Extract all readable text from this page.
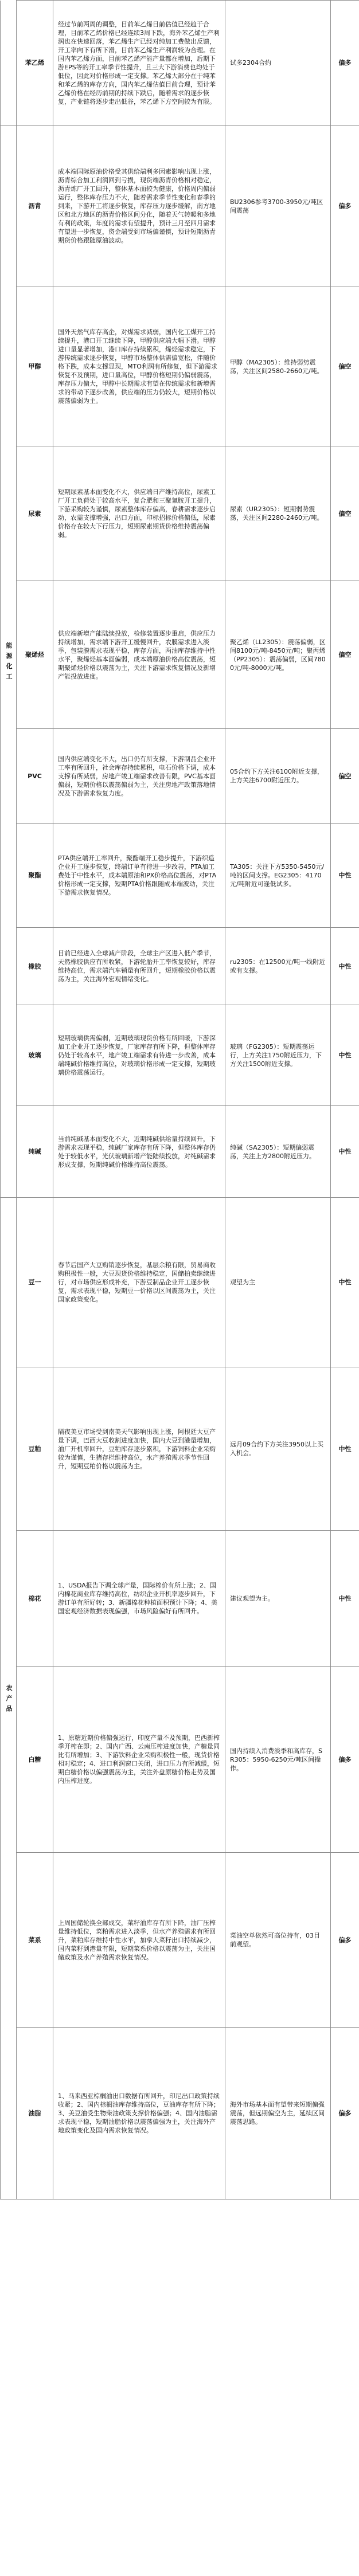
	苯乙烯	经过节前两周的调整，目前苯乙烯目前估值已经趋于合理，目前苯乙烯价格已经连续3周下跌，海外苯乙烯生产利润也在快速回落，苯乙烯生产已经对纯加工费做出反馈，开工率向下有所下滑，目前苯乙烯生产利润较为合理。在国内苯乙烯方面，目前苯乙烯产能产量都在增加，后期下游EPS等的开工率季节性提升，且三大下游消费也均处于低位，因此对价格形成一定支撑。苯乙烯大部分在于纯苯和苯乙烯的库存方向，国内苯乙烯估值目前合理，预计苯乙烯价格在经历前期的持续下跌后，随着需求的逐步恢复，产业链将逐步走出低谷，苯乙烯下方空间较为有限。	试多2304合约	偏多
能源化工	沥青	成本端国际原油价格受其供给端利多因素影响出现上涨，沥青综合加工利润回到亏损，现货端沥青价格相对稳定，沥青炼厂开工回升，整体基本面较为健康，价格周内偏弱运行，整体库存压力不大，随着需求季节性变化和春季的到来，下游开工将逐步恢复，库存压力逐步缓解，南方地区和北方地区的沥青价格区间分化，随着天气转暖和多地有利的政策，年度的需求有望提升，预计三月至四月需求有望进一步恢复，资金端受到市场偏谨慎，预计短期沥青期货价格跟随原油波动。	BU2306参考3700-3950元/吨区间震荡	偏多
	甲醇	国外天然气库存高企，对煤需求减弱，国内化工煤开工持续提升，港口开工继续下降，甲醇供应端大幅下滑。甲醇进口量显著增加，港口库存持续累积，烯烃需求稳定，下游传统需求逐步恢复，甲醇市场整体供需偏宽松，伴随价格下跌，成本支撑显现，MTO利润有所修复，但下游需求恢复不及预期，进口量高位，甲醇价格短期仍偏弱震荡，库存压力偏大，甲醇中长期需求有望在传统需求和新增需求的带动下逐步改善，供应端的压力仍较大，短期价格以震荡偏弱为主。	甲醇（MA2305）：维持弱势震荡，关注区间2580-2660元/吨。	偏空
	尿素	短期尿素基本面变化不大，供应端日产维持高位，尿素工厂开工负荷处于较高水平，复合肥和三聚氰胺开工提升，下游采购较为谨慎，尿素整体库存偏高，春耕需求逐步启动，农需支撑增强，出口方面，印标招标价格偏低，尿素价格存在较大下行压力，短期尿素期货价格维持震荡偏弱。	尿素（UR2305）：短期弱势震荡，关注区间2280-2460元/吨。	偏空
	聚烯烃	供应端新增产能陆续投放，检修装置逐步重启，供应压力持续增加，需求端下游开工缓慢回升，农膜需求进入淡季，包装膜需求表现平稳，库存方面，两油库存维持中性水平，聚烯烃基本面偏弱，成本端原油价格高位震荡，短期聚烯烃价格以震荡为主，关注下游需求恢复情况及新增产能投放进度。	聚乙烯（LL2305）：震荡偏弱，区间8100元/吨-8450元/吨；聚丙烯（PP2305）：震荡偏弱，区间7800元/吨-8000元/吨。	偏空
	PVC	国内供应端变化不大，出口仍有所支撑，下游制品企业开工率有所回升，社会库存持续累积，电石价格下调，成本支撑有所减弱，房地产竣工端需求改善有限，PVC基本面偏弱，短期价格以震荡偏弱为主，关注房地产政策落地情况及下游需求恢复力度。	05合约下方关注6100附近支撑，上方关注6700附近压力。	偏空
	聚酯	PTA供应端开工率回升，聚酯端开工稳步提升，下游织造企业开工逐步恢复，终端订单有待进一步改善，PTA加工费处于中性水平，成本端原油和PX价格高位震荡，对PTA价格形成一定支撑，短期PTA价格跟随成本端波动，关注下游需求恢复情况。	TA305：关注下方5350-5450元/吨的区间支撑。EG2305：4170元/吨附近可逢低试多。	中性
	橡胶	目前已经进入全球减产阶段，全球主产区进入低产季节，天然橡胶供应有所收紧，下游轮胎开工率恢复较好，库存维持高位，需求端汽车销量有所回升，短期橡胶价格以震荡为主，关注海外宏观情绪变化。	ru2305：在12500元/吨一线附近或有支撑。	中性
	玻璃	短期玻璃供需偏弱，近期玻璃现货价格有所回暖，下游深加工企业开工逐步恢复，厂家库存有所下降，但整体库存仍处于较高水平，地产竣工端需求有待进一步改善，成本端纯碱价格维持高位，对玻璃价格形成一定支撑，短期玻璃价格震荡运行。	玻璃（FG2305）：短期震荡运行，上方关注1750附近压力，下方关注1500附近支撑。	中性
	纯碱	当前纯碱基本面变化不大，近期纯碱供给量持续回升，下游需求表现平稳，纯碱厂家库存有所下降，但整体库存仍处于较低水平，光伏玻璃新增产能陆续投放，对纯碱需求形成支撑，短期纯碱价格维持高位震荡。	纯碱（SA2305）：短期偏弱震荡，关注上方2800附近压力。	中性
农产品	豆一	春节后国产大豆购销逐步恢复，基层余粮有限，贸易商收购积极性一般，大豆现货价格维持稳定，国储拍卖继续进行，对市场供应形成补充，下游豆制品企业开工逐步恢复，需求表现平稳，短期豆一价格以区间震荡为主，关注国家政策变化。	观望为主	中性
	豆粕	隔夜美豆市场受到南美天气影响出现上涨，阿根廷大豆产量下调，巴西大豆收割进度加快，国内大豆到港量增加，油厂开机率回升，豆粕库存逐步累积，下游饲料企业采购较为谨慎，生猪存栏维持高位，水产养殖需求季节性回升，短期豆粕价格以震荡为主。	远月09合约下方关注3950以上买入机会。	中性
	棉花	1、USDA报告下调全球产量，国际棉价有所上涨；2、国内棉花商业库存维持高位，纺织企业开机率逐步回升，下游订单有所好转；3、新疆棉花种植面积预计下降；4、美国宏观经济数据表现偏强，市场风险偏好有所回升。	建议观望为主。	中性
	白糖	1、原糖近期价格偏强运行，印度产量不及预期，巴西新榨季开榨在即；2、国内广西、云南压榨进度加快，产糖量同比有所增加；3、下游饮料企业采购积极性一般，现货价格相对稳定；4、进口利润窗口关闭，进口压力有所减缓，短期白糖价格以偏强震荡为主，关注外盘原糖价格走势及国内压榨进度。	国内持续入消费淡季和高库存，SR305：5950-6250元/吨区间操作。	偏多
	菜系	上周国储轮换全部成交，菜籽油库存有所下降，油厂压榨量维持低位，菜粕需求进入淡季，但水产养殖需求有所回升，菜粕库存维持中性水平，加拿大菜籽出口持续减少，国内菜籽到港量有限，短期菜系价格以震荡为主，关注国储政策及水产养殖需求恢复情况。	菜油空单依然可高位持有，03目前观望。	偏多
	油脂	1、马来西亚棕榈油出口数据有所回升，印尼出口政策持续收紧；2、国内棕榈油库存维持高位，豆油库存有所下降；3、美豆油受生物柴油政策支撑价格偏强；4、国内油脂需求表现平稳，短期油脂价格以震荡偏强为主，关注海外产地政策变化及国内需求恢复情况。	海外市场基本面有望带来短期偏强震荡，但远期偏空为主，延续区间震荡思路。	偏多
